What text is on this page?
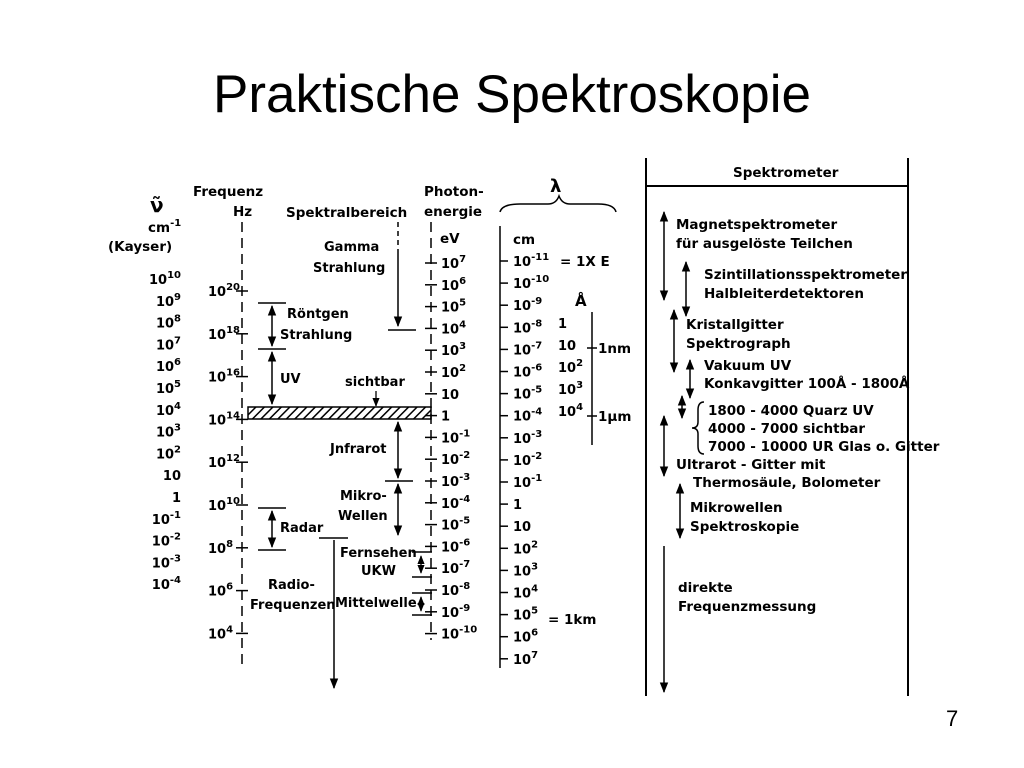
Praktische Spektroskopie
7
ν̃
$cm^{-1}$
(Kayser)
$10^{10}$
$10^9$
$10^8$
$10^7$
$10^6$
$10^5$
$10^4$
$10^3$
$10^2$
10
1
$10^{-1}$
$10^{-2}$
$10^{-3}$
$10^{-4}$
Frequenz
Hz
$10^{20}$
$10^{18}$
$10^{16}$
$10^{14}$
$10^{12}$
$10^{10}$
$10^8$
$10^6$
$10^4$
Spektralbereich
Gamma
Strahlung
Röntgen
Strahlung
UV	sichtbar
Jnfrarot
Mikro-
Wellen
Radar
Radio-
Frequenzen
Fernsehen
UKW
Mittelwelle
Photon-
energie
eV
$10^7$
$10^6$
$10^5$
$10^4$
$10^3$
$10^2$
10
1
$10^{-1}$
$10^{-2}$
$10^{-3}$
$10^{-4}$
$10^{-5}$
$10^{-6}$
$10^{-7}$
$10^{-8}$
$10^{-9}$
$10^{-10}$
λ
cm
$10^{-11}$
$10^{-10}$
$10^{-9}$
$10^{-8}$
$10^{-7}$
$10^{-6}$
$10^{-5}$
$10^{-4}$
$10^{-3}$
$10^{-2}$
$10^{-1}$
1
10
$10^2$
$10^3$
$10^4$
$10^5$
$10^6$
$10^7$
= 1X E
= 1km
Å
1
10
$10^2$
$10^3$
$10^4$
1nm
1µm
Spektrometer
Magnetspektrometer
für ausgelöste Teilchen
Szintillationsspektrometer
Halbleiterdetektoren
Kristallgitter
Spektrograph
Vakuum UV
Konkavgitter 100Å - 1800Å
1800 - 4000 Quarz UV
4000 - 7000 sichtbar
7000 - 10000 UR Glas o. Gitter
Ultrarot - Gitter mit
Thermosäule, Bolometer
Mikrowellen
Spektroskopie
direkte
Frequenzmessung
